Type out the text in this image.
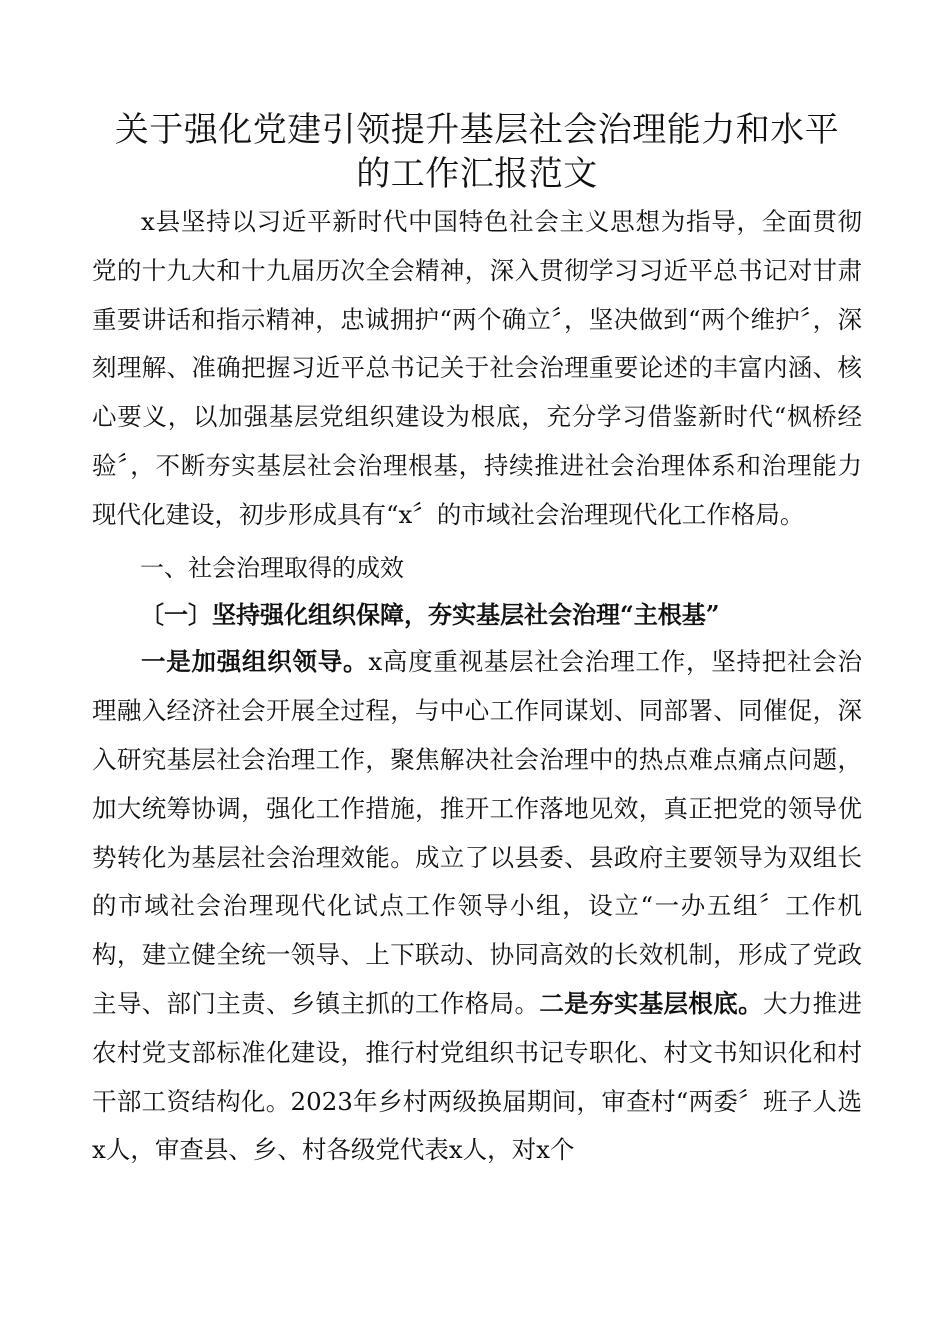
关于强化党建引领提升基层社会治理能力和水平
的工作汇报范文

x县坚持以习近平新时代中国特色社会主义思想为指导，全面贯彻党的十九大和十九届历次全会精神，深入贯彻学习习近平总书记对甘肃重要讲话和指示精神，忠诚拥护“两个确立〞，坚决做到“两个维护〞，深刻理解、准确把握习近平总书记关于社会治理重要论述的丰富内涵、核心要义，以加强基层党组织建设为根底，充分学习借鉴新时代“枫桥经验〞，不断夯实基层社会治理根基，持续推进社会治理体系和治理能力现代化建设，初步形成具有“x〞的市域社会治理现代化工作格局。

一、社会治理取得的成效

〔一〕坚持强化组织保障，夯实基层社会治理“主根基”

一是加强组织领导。x高度重视基层社会治理工作，坚持把社会治理融入经济社会开展全过程，与中心工作同谋划、同部署、同催促，深入研究基层社会治理工作，聚焦解决社会治理中的热点难点痛点问题，加大统筹协调，强化工作措施，推开工作落地见效，真正把党的领导优势转化为基层社会治理效能。成立了以县委、县政府主要领导为双组长的市域社会治理现代化试点工作领导小组，设立“一办五组〞工作机构，建立健全统一领导、上下联动、协同高效的长效机制，形成了党政主导、部门主责、乡镇主抓的工作格局。二是夯实基层根底。大力推进农村党支部标准化建设，推行村党组织书记专职化、村文书知识化和村干部工资结构化。2023年乡村两级换届期间，审查村“两委〞班子人选x人，审查县、乡、村各级党代表x人，对x个
